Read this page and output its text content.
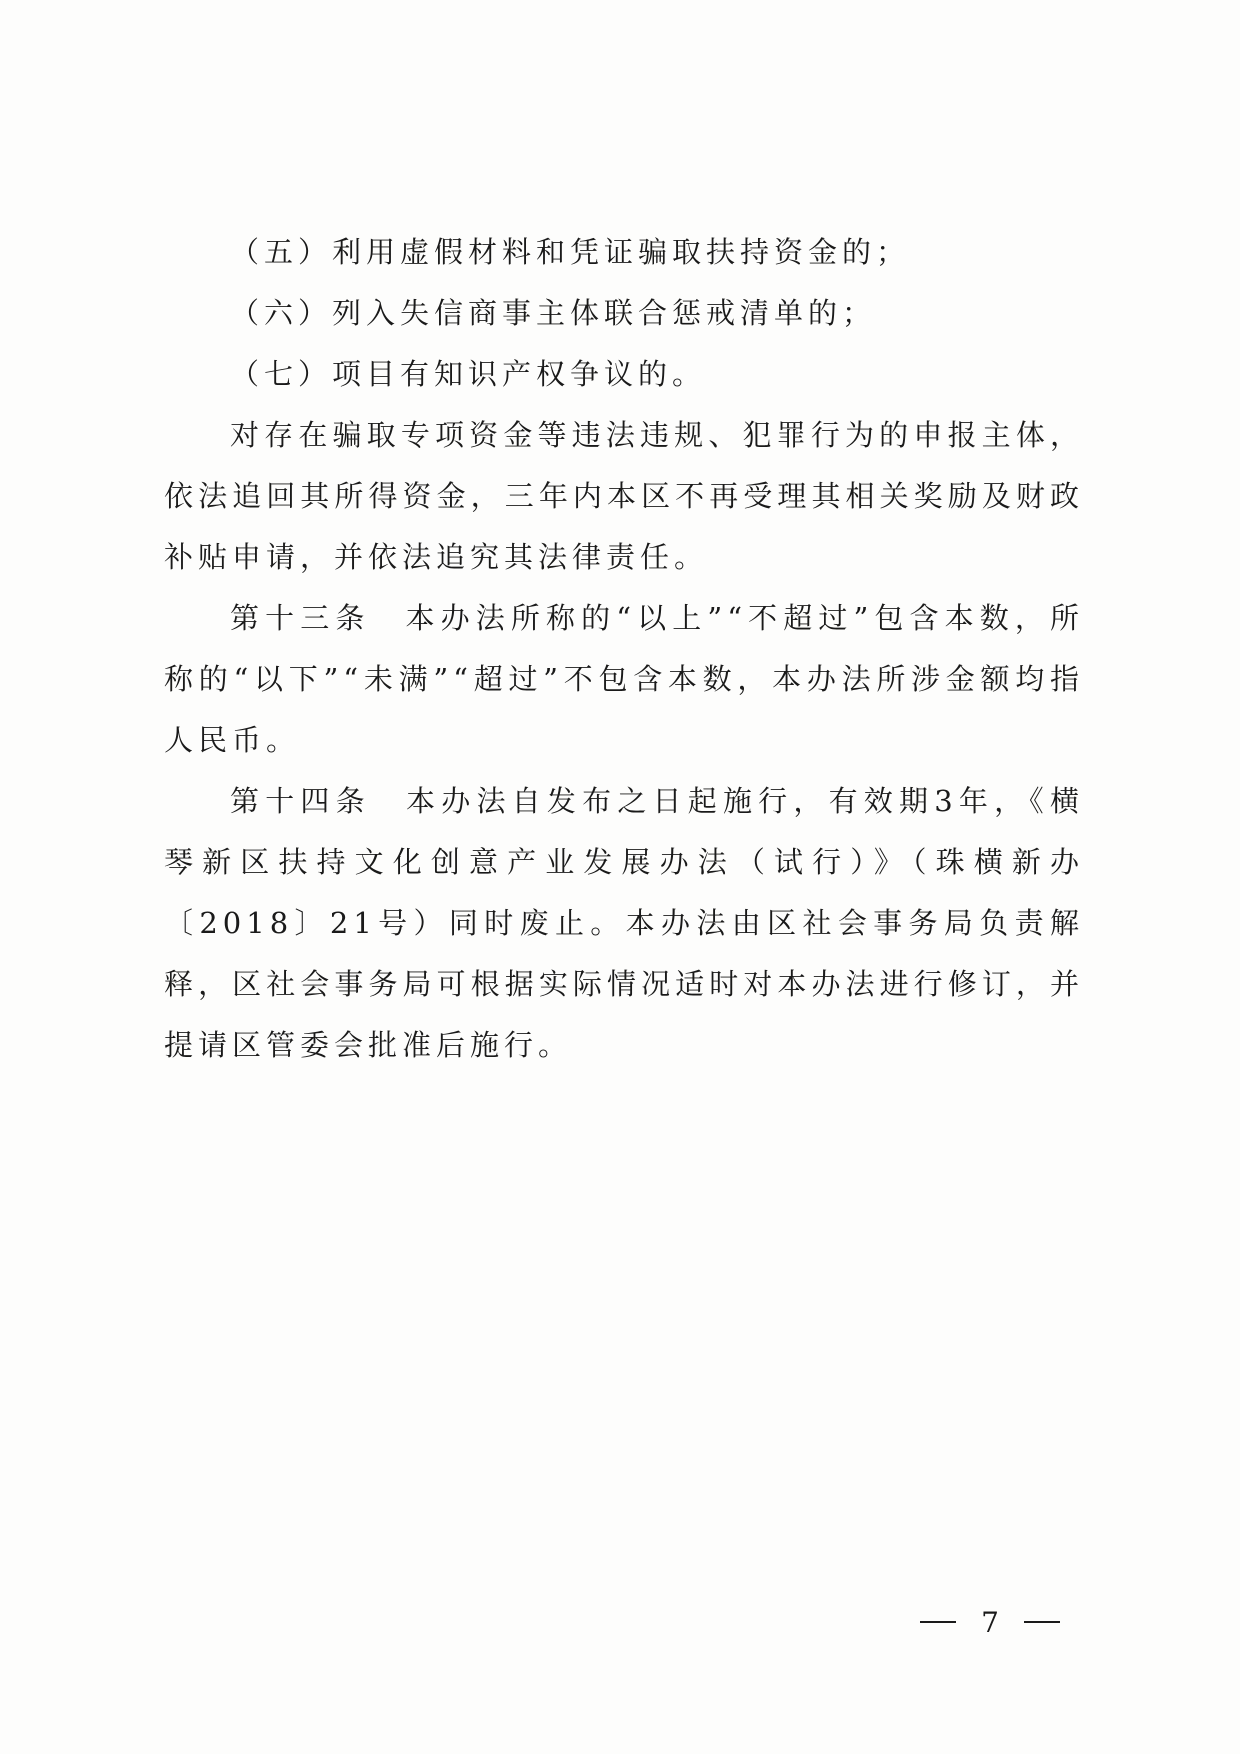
（五）利用虚假材料和凭证骗取扶持资金的；

（六）列入失信商事主体联合惩戒清单的；

（七）项目有知识产权争议的。

对存在骗取专项资金等违法违规、犯罪行为的申报主体，依法追回其所得资金，三年内本区不再受理其相关奖励及财政补贴申请，并依法追究其法律责任。

第十三条　本办法所称的“以上”“不超过”包含本数，所称的“以下”“未满”“超过”不包含本数，本办法所涉金额均指人民币。

第十四条　本办法自发布之日起施行，有效期3年，《横琴新区扶持文化创意产业发展办法（试行）》（珠横新办〔2018〕21号）同时废止。本办法由区社会事务局负责解释，区社会事务局可根据实际情况适时对本办法进行修订，并提请区管委会批准后施行。

7
